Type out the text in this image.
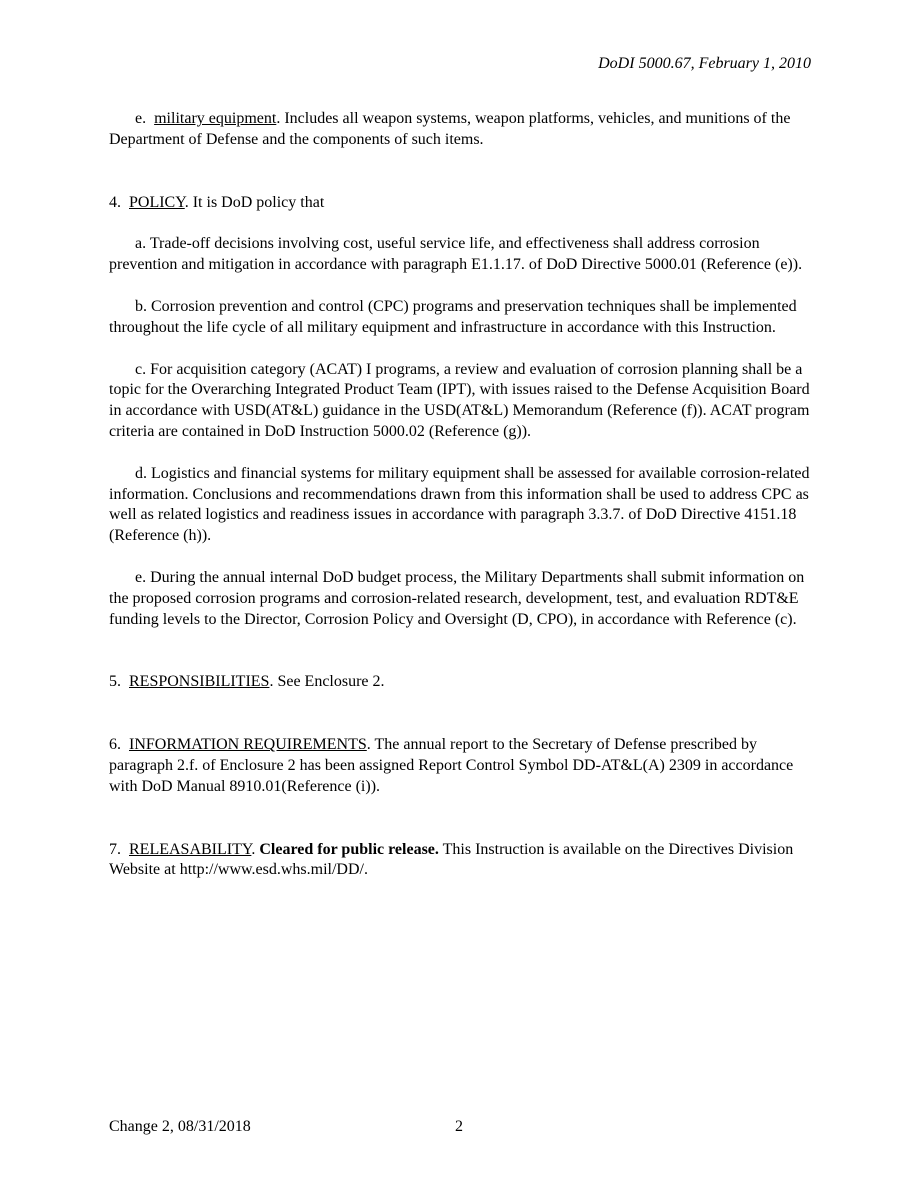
DoDI 5000.67, February 1, 2010

e. military equipment. Includes all weapon systems, weapon platforms, vehicles, and munitions of the Department of Defense and the components of such items.

4. POLICY. It is DoD policy that

a. Trade-off decisions involving cost, useful service life, and effectiveness shall address corrosion prevention and mitigation in accordance with paragraph E1.1.17. of DoD Directive 5000.01 (Reference (e)).

b. Corrosion prevention and control (CPC) programs and preservation techniques shall be implemented throughout the life cycle of all military equipment and infrastructure in accordance with this Instruction.

c. For acquisition category (ACAT) I programs, a review and evaluation of corrosion planning shall be a topic for the Overarching Integrated Product Team (IPT), with issues raised to the Defense Acquisition Board in accordance with USD(AT&L) guidance in the USD(AT&L) Memorandum (Reference (f)). ACAT program criteria are contained in DoD Instruction 5000.02 (Reference (g)).

d. Logistics and financial systems for military equipment shall be assessed for available corrosion-related information. Conclusions and recommendations drawn from this information shall be used to address CPC as well as related logistics and readiness issues in accordance with paragraph 3.3.7. of DoD Directive 4151.18 (Reference (h)).

e. During the annual internal DoD budget process, the Military Departments shall submit information on the proposed corrosion programs and corrosion-related research, development, test, and evaluation RDT&E funding levels to the Director, Corrosion Policy and Oversight (D, CPO), in accordance with Reference (c).

5. RESPONSIBILITIES. See Enclosure 2.

6. INFORMATION REQUIREMENTS. The annual report to the Secretary of Defense prescribed by paragraph 2.f. of Enclosure 2 has been assigned Report Control Symbol DD-AT&L(A) 2309 in accordance with DoD Manual 8910.01(Reference (i)).

7. RELEASABILITY. Cleared for public release. This Instruction is available on the Directives Division Website at http://www.esd.whs.mil/DD/.

Change 2, 08/31/2018	2
